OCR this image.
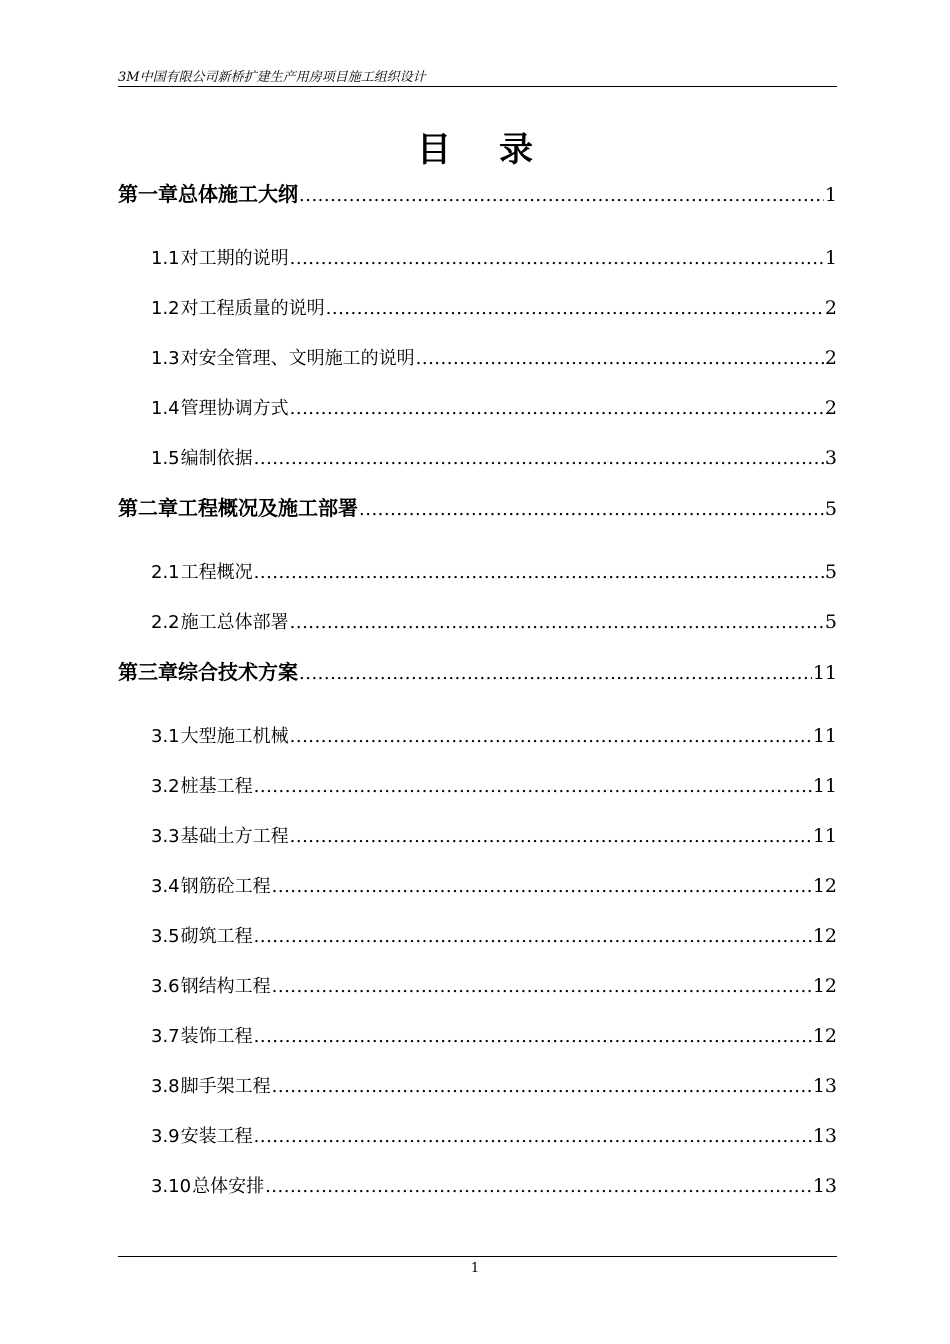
3M中国有限公司新桥扩建生产用房项目施工组织设计
目录
第一章 总体施工大纲 .....	1
1.1 对工期的说明 .....	1
1.2 对工程质量的说明 .....	2
1.3 对安全管理、文明施工的说明 .....	2
1.4 管理协调方式 .....	2
1.5 编制依据 .....	3
第二章 工程概况及施工部署 .....	5
2.1 工程概况 .....	5
2.2 施工总体部署 .....	5
第三章 综合技术方案 .....	11
3.1 大型施工机械 .....	11
3.2 桩基工程 .....	11
3.3 基础土方工程 .....	11
3.4 钢筋砼工程 .....	12
3.5 砌筑工程 .....	12
3.6 钢结构工程 .....	12
3.7 装饰工程 .....	12
3.8 脚手架工程 .....	13
3.9 安装工程 .....	13
3.10 总体安排 .....	13
1
